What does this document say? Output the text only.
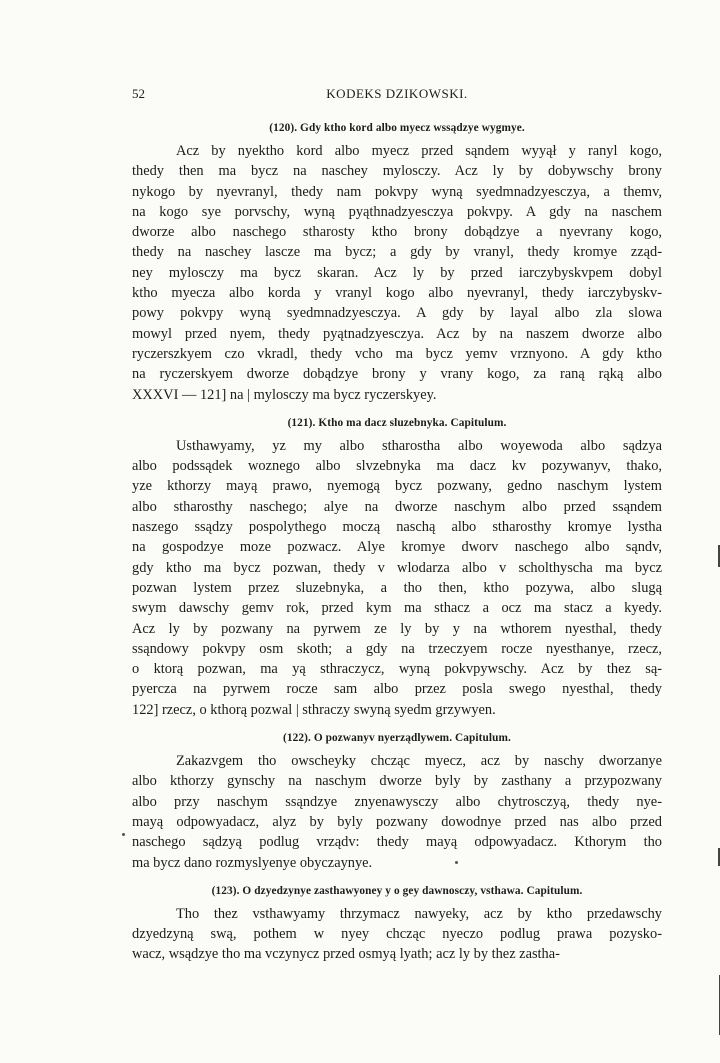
52	KODEKS DZIKOWSKI.
(120). Gdy ktho kord albo myecz wssądzye wygmye.
Acz by nyektho kord albo myecz przed sąndem wyyął y ranyl kogo,
thedy then ma bycz na naschey mylosczy. Acz ly by dobywschy brony
nykogo by nyevranyl, thedy nam pokvpy wyną syedmnadzyesczya, a themv,
na kogo sye porvschy, wyną pyąthnadzyesczya pokvpy. A gdy na naschem
dworze albo naschego stharosty ktho brony dobądzye a nyevrany kogo,
thedy na naschey lascze ma bycz; a gdy by vranyl, thedy kromye zząd-
ney mylosczy ma bycz skaran. Acz ly by przed iarczybyskvpem dobyl
ktho myecza albo korda y vranyl kogo albo nyevranyl, thedy iarczybyskv-
powy pokvpy wyną syedmnadzyesczya. A gdy by layal albo zla slowa
mowyl przed nyem, thedy pyątnadzyesczya. Acz by na naszem dworze albo
ryczerszkyem czo vkradl, thedy vcho ma bycz yemv vrznyono. A gdy ktho
na ryczerskyem dworze dobądzye brony y vrany kogo, za raną rąką albo
XXXVI — 121] na | mylosczy ma bycz ryczerskyey.
(121). Ktho ma dacz sluzebnyka. Capitulum.
Usthawyamy, yz my albo stharostha albo woyewoda albo sądzya
albo podssądek woznego albo slvzebnyka ma dacz kv pozywanyv, thako,
yze kthorzy mayą prawo, nyemogą bycz pozwany, gedno naschym lystem
albo stharosthy naschego; alye na dworze naschym albo przed ssąndem
naszego ssądzy pospolythego moczą naschą albo stharosthy kromye lystha
na gospodzye moze pozwacz. Alye kromye dworv naschego albo sąndv,
gdy ktho ma bycz pozwan, thedy v wlodarza albo v scholthyscha ma bycz
pozwan lystem przez sluzebnyka, a tho then, ktho pozywa, albo slugą
swym dawschy gemv rok, przed kym ma sthacz a ocz ma stacz a kyedy.
Acz ly by pozwany na pyrwem ze ly by y na wthorem nyesthal, thedy
ssąndowy pokvpy osm skoth; a gdy na trzeczyem rocze nyesthanye, rzecz,
o ktorą pozwan, ma yą sthraczycz, wyną pokvpywschy. Acz by thez są-
pyercza na pyrwem rocze sam albo przez posla swego nyesthal, thedy
122] rzecz, o kthorą pozwal | sthraczy swyną syedm grzywyen.
(122). O pozwanyv nyerządlywem. Capitulum.
Zakazvgem tho owscheyky chcząc myecz, acz by naschy dworzanye
albo kthorzy gynschy na naschym dworze byly by zasthany a przypozwany
albo przy naschym ssąndzye znyenawysczy albo chytrosczyą, thedy nye-
mayą odpowyadacz, alyz by byly pozwany dowodnye przed nas albo przed
naschego sądzyą podlug vrządv: thedy mayą odpowyadacz. Kthorym tho
ma bycz dano rozmyslyenye obyczaynye.
(123). O dzyedzynye zasthawyoney y o gey dawnosczy, vsthawa. Capitulum.
Tho thez vsthawyamy thrzymacz nawyeky, acz by ktho przedawschy
dzyedzyną swą, pothem w nyey chcząc nyeczo podlug prawa pozysko-
wacz, wsądzye tho ma vczynycz przed osmyą lyath; acz ly by thez zastha-
